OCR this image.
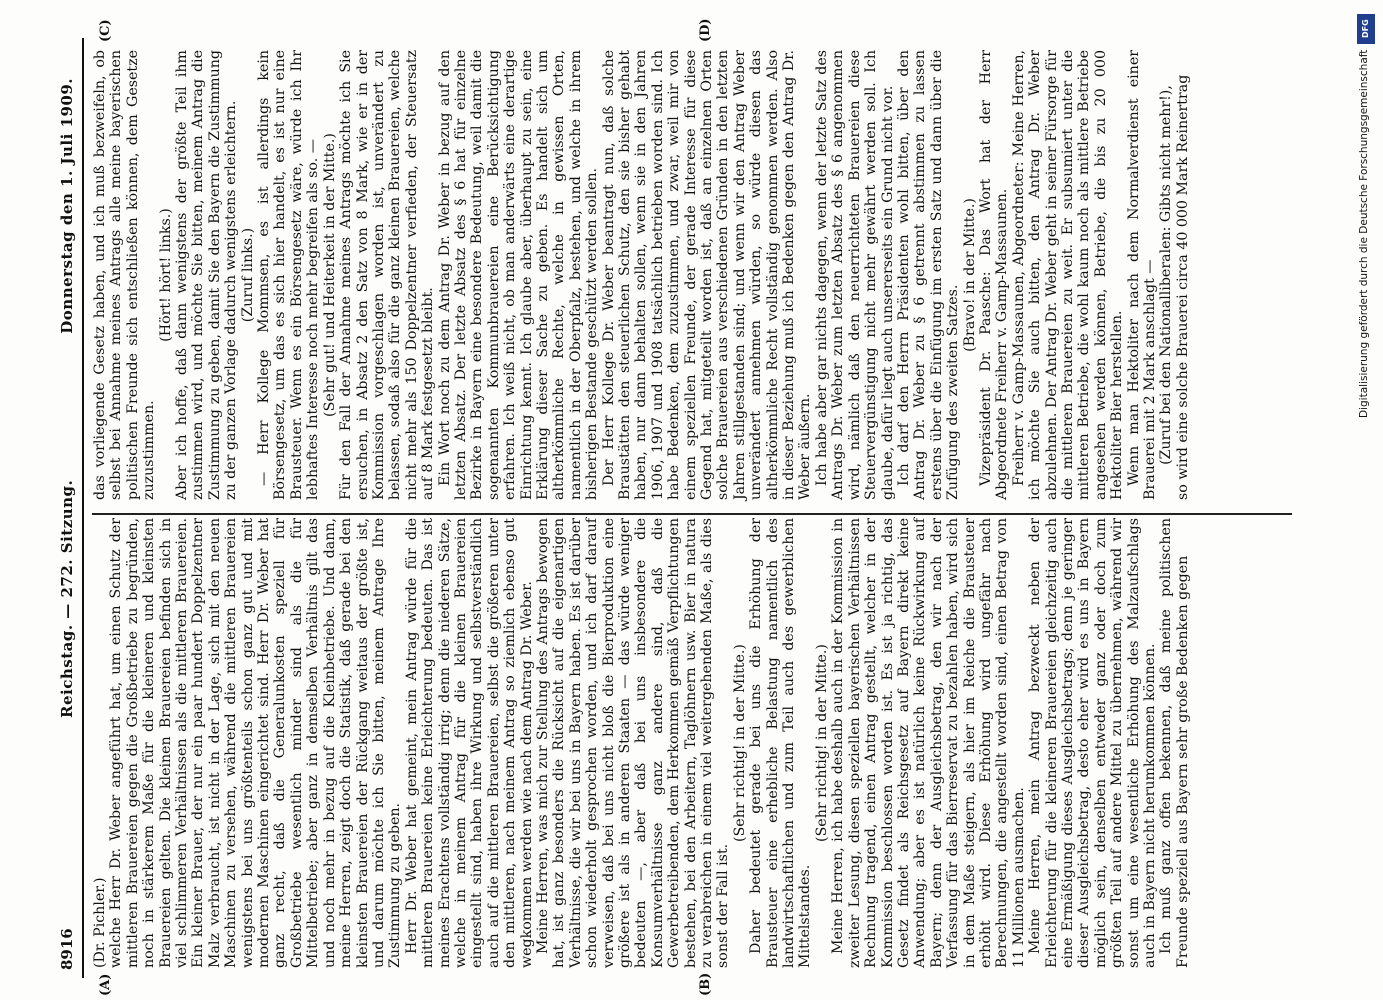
8916
Reichstag. — 272. Sitzung.
Donnerstag den 1. Juli 1909.

(Dr. Pichler.) welche Herr Dr. Weber angeführt hat, um einen Schutz der mittleren Brauereien gegen die Großbetriebe zu begründen, noch in stärkerem Maße für die kleineren und kleinsten Brauereien gelten. Die kleinen Brauereien befinden sich in viel schlimmeren Verhältnissen als die mittleren Brauereien. Ein kleiner Brauer, der nur ein paar hundert Doppelzentner Malz verbraucht, ist nicht in der Lage, sich mit den neuen Maschinen zu versehen, während die mittleren Brauereien wenigstens bei uns größtenteils schon ganz gut und mit modernen Maschinen eingerichtet sind. Herr Dr. Weber hat ganz recht, daß die Generalunkosten speziell für Großbetriebe wesentlich minder sind als die für Mittelbetriebe; aber ganz in demselben Verhältnis gilt das und noch mehr in bezug auf die Kleinbetriebe. Und dann, meine Herren, zeigt doch die Statistik, daß gerade bei den kleinsten Brauereien der Rückgang weitaus der größte ist, und darum möchte ich Sie bitten, meinem Antrage Ihre Zustimmung zu geben. Herr Dr. Weber hat gemeint, mein Antrag würde für die mittleren Brauereien keine Erleichterung bedeuten. Das ist meines Erachtens vollständig irrig; denn die niederen Sätze, welche in meinem Antrag für die kleinen Brauereien eingestellt sind, haben ihre Wirkung und selbstverständlich auch auf die mittleren Brauereien, selbst die größeren unter den mittleren, nach meinem Antrag so ziemlich ebenso gut wegkommen werden wie nach dem Antrag Dr. Weber. Meine Herren, was mich zur Stellung des Antrags bewogen hat, ist ganz besonders die Rücksicht auf die eigenartigen Verhältnisse, die wir bei uns in Bayern haben. Es ist darüber schon wiederholt gesprochen worden, und ich darf darauf verweisen, daß bei uns nicht bloß die Bierproduktion eine größere ist als in anderen Staaten — das würde weniger bedeuten —, aber daß bei uns insbesondere die Konsumverhältnisse ganz andere sind, daß die Gewerbetreibenden, dem Herkommen gemäß Verpflichtungen bestehen, bei den Arbeitern, Taglöhnern usw. Bier in natura zu verabreichen in einem viel weitergehenden Maße, als dies sonst der Fall ist.

(Sehr richtig! in der Mitte.) Daher bedeutet gerade bei uns die Erhöhung der Brausteuer eine erhebliche Belastung namentlich des landwirtschaftlichen und zum Teil auch des gewerblichen Mittelstandes.

(Sehr richtig! in der Mitte.) Meine Herren, ich habe deshalb auch in der Kommission in zweiter Lesung, diesen speziellen bayerischen Verhältnissen Rechnung tragend, einen Antrag gestellt, welcher in der Kommission beschlossen worden ist. Es ist ja richtig, das Gesetz findet als Reichsgesetz auf Bayern direkt keine Anwendung; aber es ist natürlich keine Rückwirkung auf Bayern; denn der Ausgleichsbetrag, den wir nach der Verfassung für das Bierreservat zu bezahlen haben, wird sich in dem Maße steigern, als hier im Reiche die Brausteuer erhöht wird. Diese Erhöhung wird ungefähr nach Berechnungen, die angestellt worden sind, einen Betrag von 11 Millionen ausmachen. Meine Herren, mein Antrag bezweckt neben der Erleichterung für die kleineren Brauereien gleichzeitig auch eine Ermäßigung dieses Ausgleichsbetrags; denn je geringer dieser Ausgleichsbetrag, desto eher wird es uns in Bayern möglich sein, denselben entweder ganz oder doch zum größten Teil auf andere Mittel zu übernehmen, während wir sonst um eine wesentliche Erhöhung des Malzaufschlags auch in Bayern nicht herumkommen können. Ich muß ganz offen bekennen, daß meine politischen Freunde speziell aus Bayern sehr große Bedenken gegen

das vorliegende Gesetz haben, und ich muß bezweifeln, ob selbst bei Annahme meines Antrags alle meine bayerischen politischen Freunde sich entschließen können, dem Gesetze zuzustimmen.

(Hört! hört! links.) Aber ich hoffe, daß dann wenigstens der größte Teil ihm zustimmen wird, und möchte Sie bitten, meinem Antrag die Zustimmung zu geben, damit Sie den Bayern die Zustimmung zu der ganzen Vorlage dadurch wenigstens erleichtern. (Zuruf links.) — Herr Kollege Mommsen, es ist allerdings kein Börsengesetz, um das es sich hier handelt, es ist nur eine Brausteuer. Wenn es ein Börsengesetz wäre, würde ich Ihr lebhaftes Interesse noch mehr begreifen als so. — (Sehr gut! und Heiterkeit in der Mitte.) Für den Fall der Annahme meines Antrags möchte ich Sie ersuchen, in Absatz 2 den Satz von 8 Mark, wie er in der Kommission vorgeschlagen worden ist, unverändert zu belassen, sodaß also für die ganz kleinen Brauereien, welche nicht mehr als 150 Doppelzentner verfieden, der Steuersatz auf 8 Mark festgesetzt bleibt. Ein Wort noch zu dem Antrag Dr. Weber in bezug auf den letzten Absatz. Der letzte Absatz des § 6 hat für einzelne Bezirke in Bayern eine besondere Bedeutung, weil damit die sogenannten Kommunbrauereien eine Berücksichtigung erfahren. Ich weiß nicht, ob man anderwärts eine derartige Einrichtung kennt. Ich glaube aber, überhaupt zu sein, eine Erklärung dieser Sache zu geben. Es handelt sich um altherkömmliche Rechte, welche in gewissen Orten, namentlich in der Oberpfalz, bestehen, und welche in ihrem bisherigen Bestande geschützt werden sollen. Der Herr Kollege Dr. Weber beantragt nun, daß solche Braustätten den steuerlichen Schutz, den sie bisher gehabt haben, nur dann behalten sollen, wenn sie in den Jahren 1906, 1907 und 1908 tatsächlich betrieben worden sind. Ich habe Bedenken, dem zuzustimmen, und zwar, weil mir von einem speziellen Freunde, der gerade Interesse für diese Gegend hat, mitgeteilt worden ist, daß an einzelnen Orten solche Brauereien aus verschiedenen Gründen in den letzten Jahren stillgestanden sind; und wenn wir den Antrag Weber unverändert annehmen würden, so würde diesen das altherkömmliche Recht vollständig genommen werden. Also in dieser Beziehung muß ich Bedenken gegen den Antrag Dr. Weber äußern. Ich habe aber gar nichts dagegen, wenn der letzte Satz des Antrags Dr. Weber zum letzten Absatz des § 6 angenommen wird, nämlich daß den neuerrichteten Brauereien diese Steuervergünstigung nicht mehr gewährt werden soll. Ich glaube, dafür liegt auch unsererseits ein Grund nicht vor. Ich darf den Herrn Präsidenten wohl bitten, über den Antrag Dr. Weber zu § 6 getrennt abstimmen zu lassen erstens über die Einfügung im ersten Satz und dann über die Zufügung des zweiten Satzes.

(Bravo! in der Mitte.) Vizepräsident Dr. Paasche: Das Wort hat der Herr Abgeordnete Freiherr v. Gamp-Massaunen. Freiherr v. Gamp-Massaunen, Abgeordneter: Meine Herren, ich möchte Sie auch bitten, den Antrag Dr. Weber abzulehnen. Der Antrag Dr. Weber geht in seiner Fürsorge für die mittleren Brauereien zu weit. Er subsumiert unter die mittleren Betriebe, die wohl kaum noch als mittlere Betriebe angesehen werden können, Betriebe, die bis zu 20 000 Hektoliter Bier herstellen. Wenn man Hektoliter nach dem Normalverdienst einer Brauerei mit 2 Mark anschlagt — (Zuruf bei den Nationalliberalen: Gibts nicht mehr!), so wird eine solche Brauerei circa 40 000 Mark Reinertrag

(A)	(B)
(C)	(D)	DFG
Digitalisierung gefördert durch die Deutsche Forschungsgemeinschaft
